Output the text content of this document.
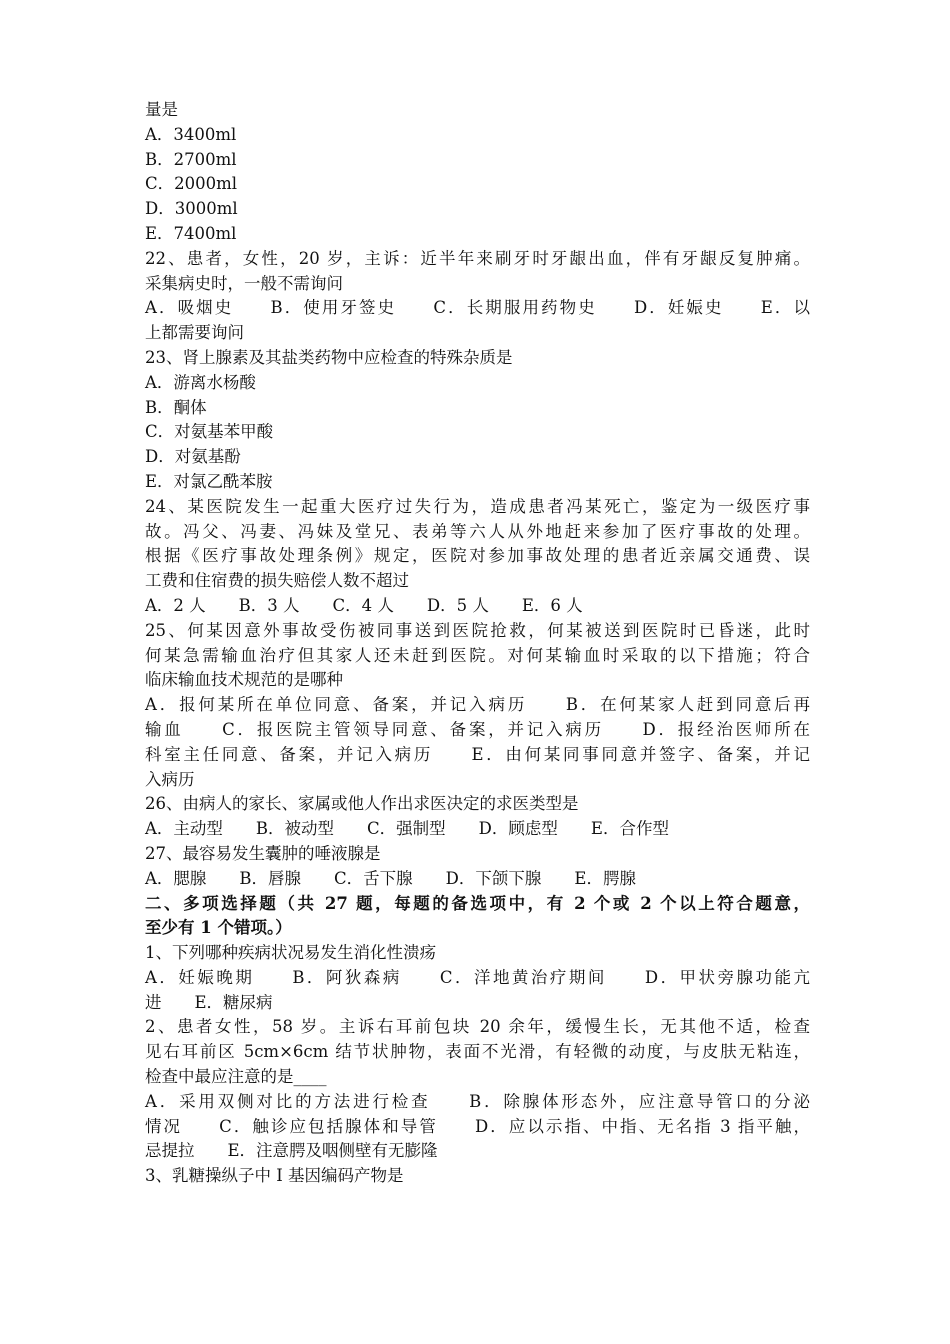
量是
A．3400ml
B．2700ml
C．2000ml
D．3000ml
E．7400ml
22、患者，女性，20 岁，主诉：近半年来刷牙时牙龈出血，伴有牙龈反复肿痛。
采集病史时，一般不需询问
A．吸烟史　　B．使用牙签史　　C．长期服用药物史　　D．妊娠史　　E．以
上都需要询问
23、肾上腺素及其盐类药物中应检查的特殊杂质是
A．游离水杨酸
B．酮体
C．对氨基苯甲酸
D．对氨基酚
E．对氯乙酰苯胺
24、某医院发生一起重大医疗过失行为，造成患者冯某死亡，鉴定为一级医疗事
故。冯父、冯妻、冯妹及堂兄、表弟等六人从外地赶来参加了医疗事故的处理。
根据《医疗事故处理条例》规定，医院对参加事故处理的患者近亲属交通费、误
工费和住宿费的损失赔偿人数不超过
A．2 人　　B．3 人　　C．4 人　　D．5 人　　E．6 人
25、何某因意外事故受伤被同事送到医院抢救，何某被送到医院时已昏迷，此时
何某急需输血治疗但其家人还未赶到医院。对何某输血时采取的以下措施；符合
临床输血技术规范的是哪种
A．报何某所在单位同意、备案，并记入病历　　B．在何某家人赶到同意后再
输血　　C．报医院主管领导同意、备案，并记入病历　　D．报经治医师所在
科室主任同意、备案，并记入病历　　E．由何某同事同意并签字、备案，并记
入病历
26、由病人的家长、家属或他人作出求医决定的求医类型是
A．主动型　　B．被动型　　C．强制型　　D．顾虑型　　E．合作型
27、最容易发生囊肿的唾液腺是
A．腮腺　　B．唇腺　　C．舌下腺　　D．下颌下腺　　E．腭腺
二、多项选择题（共 27 题，每题的备选项中，有 2 个或 2 个以上符合题意，
至少有 1 个错项。）
1、下列哪种疾病状况易发生消化性溃疡
A．妊娠晚期　　B．阿狄森病　　C．洋地黄治疗期间　　D．甲状旁腺功能亢
进　　E．糖尿病
2、患者女性，58 岁。主诉右耳前包块 20 余年，缓慢生长，无其他不适，检查
见右耳前区 5cm×6cm 结节状肿物，表面不光滑，有轻微的动度，与皮肤无粘连，
检查中最应注意的是____
A．采用双侧对比的方法进行检查　　B．除腺体形态外，应注意导管口的分泌
情况　　C．触诊应包括腺体和导管　　D．应以示指、中指、无名指 3 指平触，
忌提拉　　E．注意腭及咽侧壁有无膨隆
3、乳糖操纵子中 I 基因编码产物是
